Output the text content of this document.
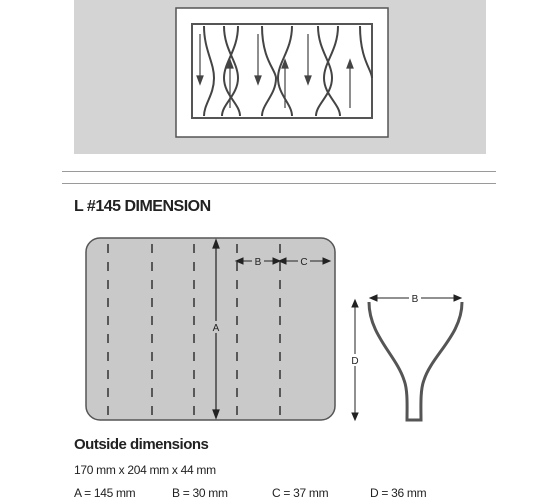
L #145 DIMENSION
A
B	C
B
D
Outside dimensions
170 mm x 204 mm x 44 mm
A = 145 mm	B = 30 mm	C = 37 mm	D = 36 mm
